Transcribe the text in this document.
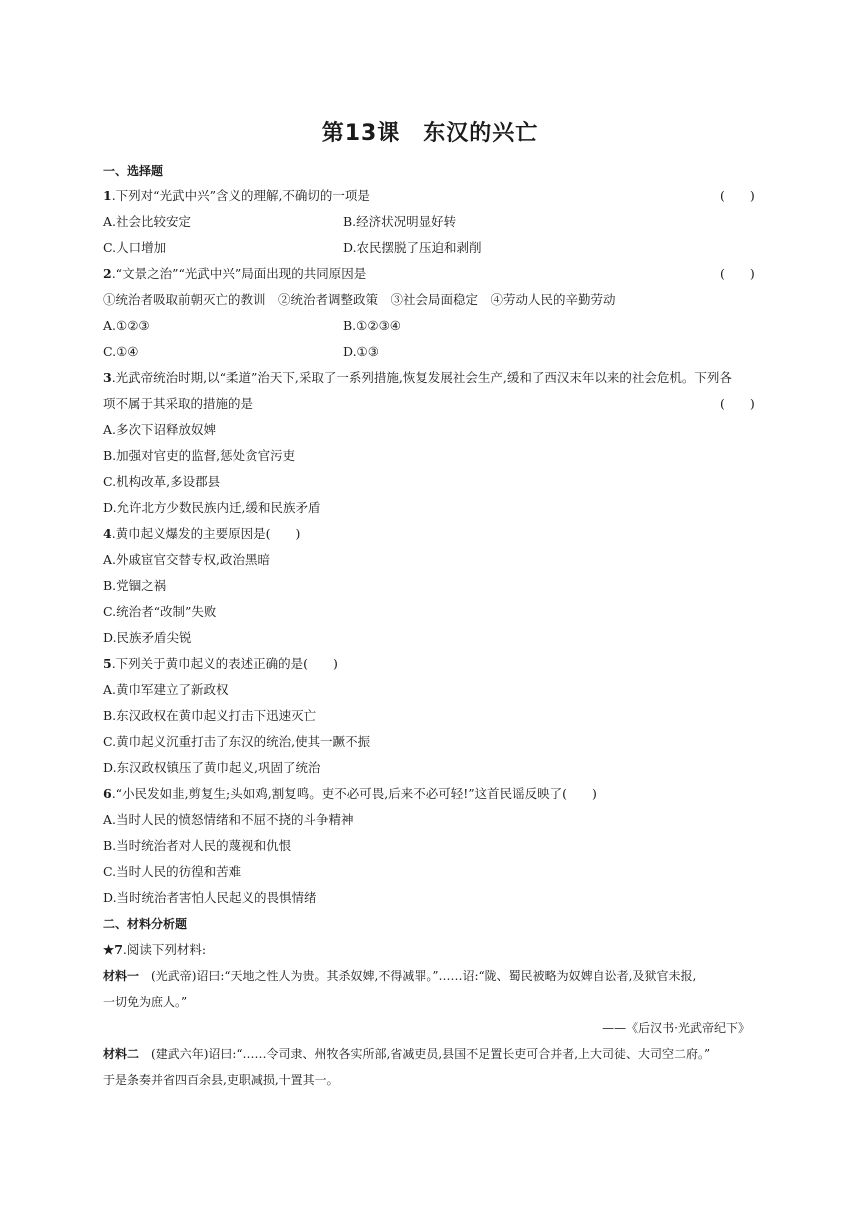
第13课　东汉的兴亡
一、选择题
1.下列对“光武中兴”含义的理解,不确切的一项是	(　　)
A.社会比较安定	B.经济状况明显好转
C.人口增加	D.农民摆脱了压迫和剥削
2.“文景之治”“光武中兴”局面出现的共同原因是	(　　)
①统治者吸取前朝灭亡的教训　②统治者调整政策　③社会局面稳定　④劳动人民的辛勤劳动
A.①②③	B.①②③④
C.①④	D.①③
3.光武帝统治时期,以“柔道”治天下,采取了一系列措施,恢复发展社会生产,缓和了西汉末年以来的社会危机。下列各
项不属于其采取的措施的是	(　　)
A.多次下诏释放奴婢
B.加强对官吏的监督,惩处贪官污吏
C.机构改革,多设郡县
D.允许北方少数民族内迁,缓和民族矛盾
4.黄巾起义爆发的主要原因是(　　)
A.外戚宦官交替专权,政治黑暗
B.党锢之祸
C.统治者“改制”失败
D.民族矛盾尖锐
5.下列关于黄巾起义的表述正确的是(　　)
A.黄巾军建立了新政权
B.东汉政权在黄巾起义打击下迅速灭亡
C.黄巾起义沉重打击了东汉的统治,使其一蹶不振
D.东汉政权镇压了黄巾起义,巩固了统治
6.“小民发如韭,剪复生;头如鸡,割复鸣。吏不必可畏,后来不必可轻!”这首民谣反映了(　　)
A.当时人民的愤怒情绪和不屈不挠的斗争精神
B.当时统治者对人民的蔑视和仇恨
C.当时人民的彷徨和苦难
D.当时统治者害怕人民起义的畏惧情绪
二、材料分析题
★7.阅读下列材料:
材料一　(光武帝)诏曰:“天地之性人为贵。其杀奴婢,不得减罪。”……诏:“陇、蜀民被略为奴婢自讼者,及狱官未报,
一切免为庶人。”
——《后汉书·光武帝纪下》
材料二　(建武六年)诏曰:“……令司隶、州牧各实所部,省减吏员,县国不足置长吏可合并者,上大司徒、大司空二府。”
于是条奏并省四百余县,吏职减损,十置其一。
